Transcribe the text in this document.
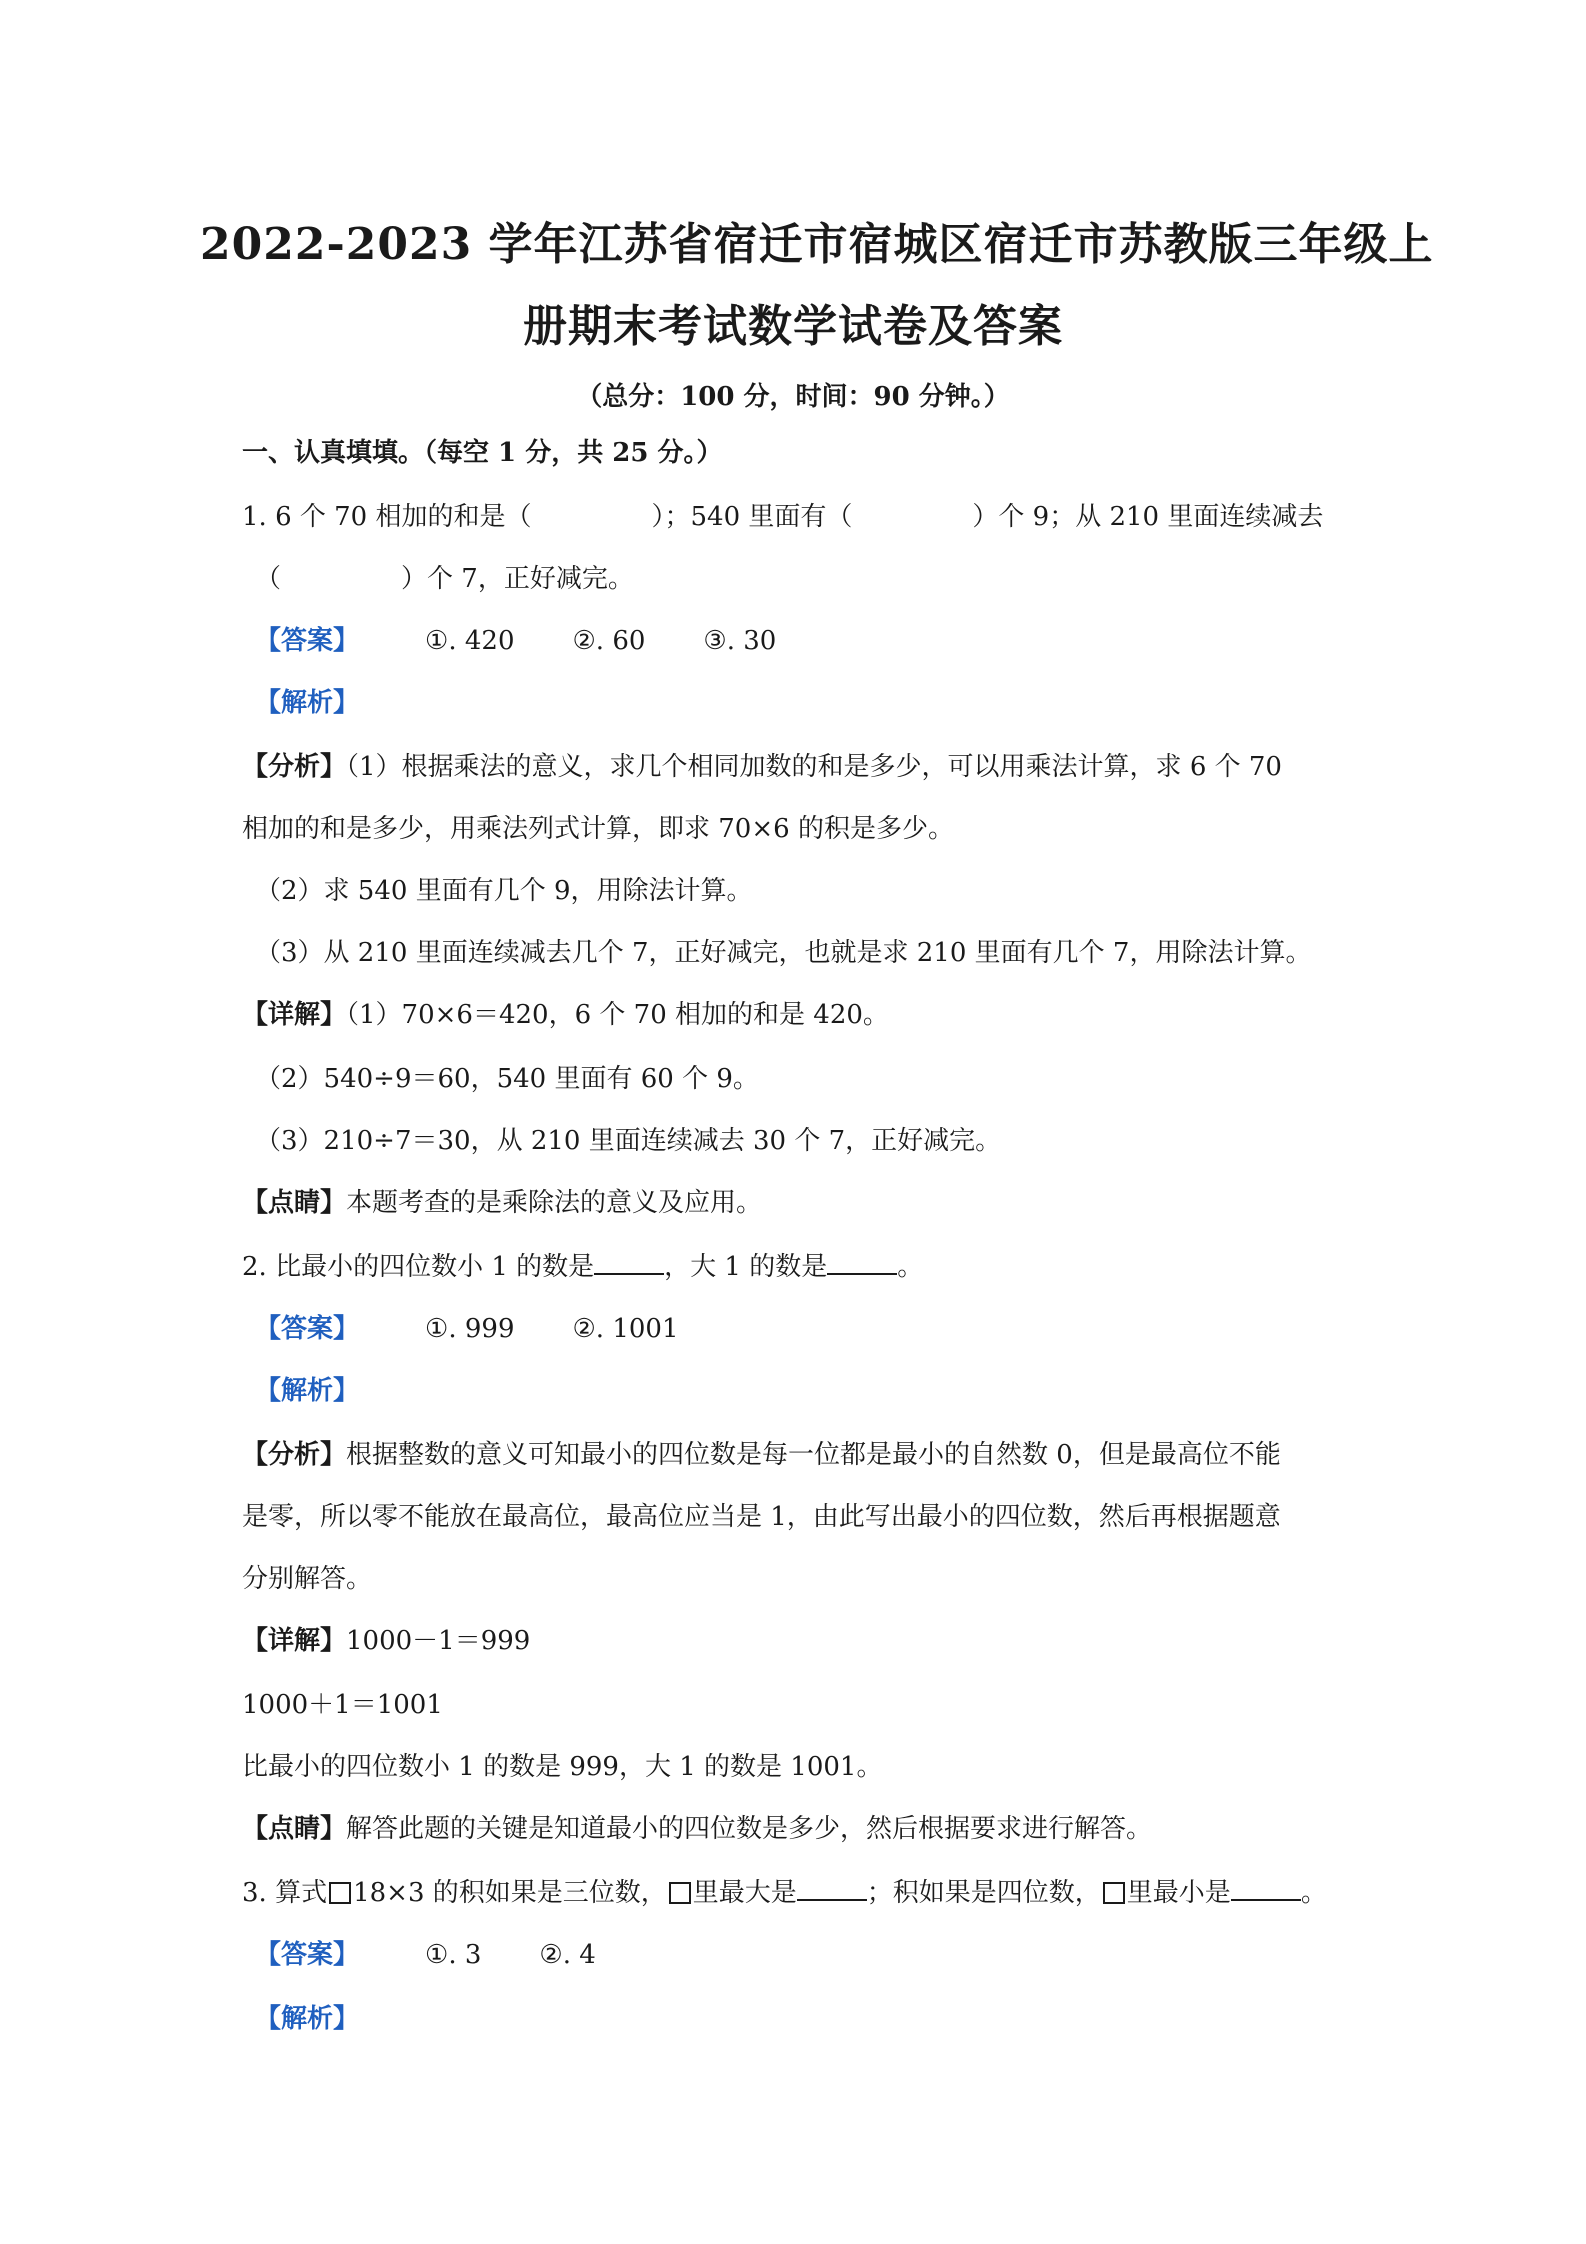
2022-2023 学年江苏省宿迁市宿城区宿迁市苏教版三年级上
册期末考试数学试卷及答案
（总分：100 分，时间：90 分钟。）
一、认真填填。（每空 1 分，共 25 分。）
1. 6 个 70 相加的和是（	）；540 里面有（	）个 9；从 210 里面连续减去
（	）个 7，正好减完。
【答案】	①. 420 ②. 60 ③. 30
【解析】
【分析】（1）根据乘法的意义，求几个相同加数的和是多少，可以用乘法计算，求 6 个 70
相加的和是多少，用乘法列式计算，即求 70×6 的积是多少。
（2）求 540 里面有几个 9，用除法计算。
（3）从 210 里面连续减去几个 7，正好减完，也就是求 210 里面有几个 7，用除法计算。
【详解】（1）70×6＝420，6 个 70 相加的和是 420。
（2）540÷9＝60，540 里面有 60 个 9。
（3）210÷7＝30，从 210 里面连续减去 30 个 7，正好减完。
【点睛】本题考查的是乘除法的意义及应用。
2. 比最小的四位数小 1 的数是	，大 1 的数是	。
【答案】	①. 999 ②. 1001
【解析】
【分析】根据整数的意义可知最小的四位数是每一位都是最小的自然数 0，但是最高位不能
是零，所以零不能放在最高位，最高位应当是 1，由此写出最小的四位数，然后再根据题意
分别解答。
【详解】1000－1＝999
1000＋1＝1001
比最小的四位数小 1 的数是 999，大 1 的数是 1001。
【点睛】解答此题的关键是知道最小的四位数是多少，然后根据要求进行解答。
3. 算式 18×3 的积如果是三位数， 里最大是	；积如果是四位数， 里最小是	。
【答案】	①. 3 ②. 4
【解析】
